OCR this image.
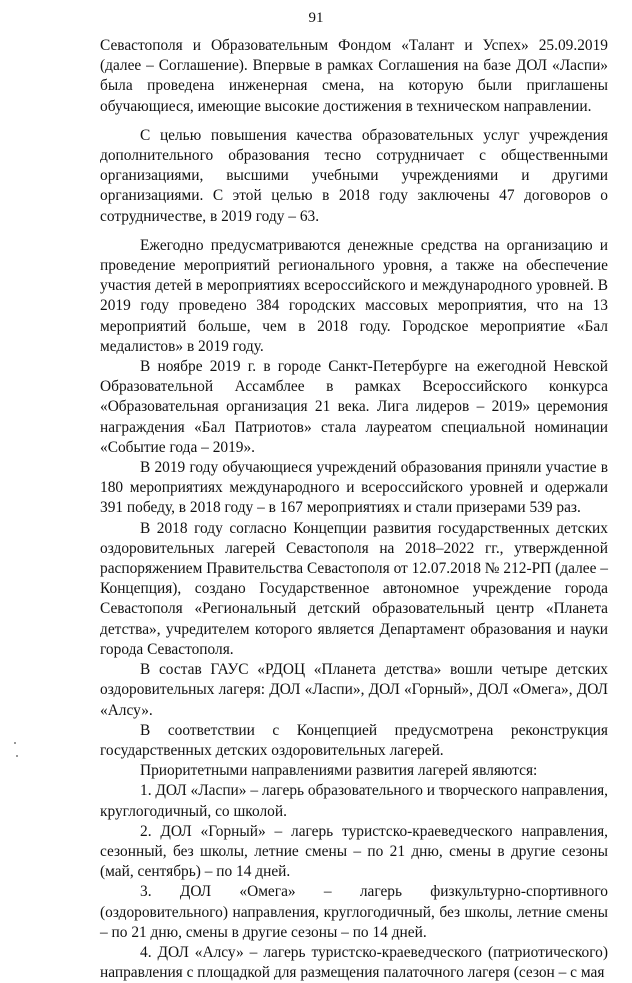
91

Севастополя и Образовательным Фондом «Талант и Успех» 25.09.2019 (далее – Соглашение). Впервые в рамках Соглашения на базе ДОЛ «Ласпи» была проведена инженерная смена, на которую были приглашены обучающиеся, имеющие высокие достижения в техническом направлении.

С целью повышения качества образовательных услуг учреждения дополнительного образования тесно сотрудничает с общественными организациями, высшими учебными учреждениями и другими организациями. С этой целью в 2018 году заключены 47 договоров о сотрудничестве, в 2019 году – 63.

Ежегодно предусматриваются денежные средства на организацию и проведение мероприятий регионального уровня, а также на обеспечение участия детей в мероприятиях всероссийского и международного уровней. В 2019 году проведено 384 городских массовых мероприятия, что на 13 мероприятий больше, чем в 2018 году. Городское мероприятие «Бал медалистов» в 2019 году.

В ноябре 2019 г. в городе Санкт-Петербурге на ежегодной Невской Образовательной Ассамблее в рамках Всероссийского конкурса «Образовательная организация 21 века. Лига лидеров – 2019» церемония награждения «Бал Патриотов» стала лауреатом специальной номинации «Событие года – 2019».

В 2019 году обучающиеся учреждений образования приняли участие в 180 мероприятиях международного и всероссийского уровней и одержали 391 победу, в 2018 году – в 167 мероприятиях и стали призерами 539 раз.

В 2018 году согласно Концепции развития государственных детских оздоровительных лагерей Севастополя на 2018–2022 гг., утвержденной распоряжением Правительства Севастополя от 12.07.2018 № 212-РП (далее – Концепция), создано Государственное автономное учреждение города Севастополя «Региональный детский образовательный центр «Планета детства», учредителем которого является Департамент образования и науки города Севастополя.

В состав ГАУС «РДОЦ «Планета детства» вошли четыре детских оздоровительных лагеря: ДОЛ «Ласпи», ДОЛ «Горный», ДОЛ «Омега», ДОЛ «Алсу».

В соответствии с Концепцией предусмотрена реконструкция государственных детских оздоровительных лагерей.

Приоритетными направлениями развития лагерей являются:

1. ДОЛ «Ласпи» – лагерь образовательного и творческого направления, круглогодичный, со школой.

2. ДОЛ «Горный» – лагерь туристско-краеведческого направления, сезонный, без школы, летние смены – по 21 дню, смены в другие сезоны (май, сентябрь) – по 14 дней.

3. ДОЛ «Омега» – лагерь физкультурно-спортивного (оздоровительного) направления, круглогодичный, без школы, летние смены – по 21 дню, смены в другие сезоны – по 14 дней.

4. ДОЛ «Алсу» – лагерь туристско-краеведческого (патриотического) направления с площадкой для размещения палаточного лагеря (сезон – с мая
